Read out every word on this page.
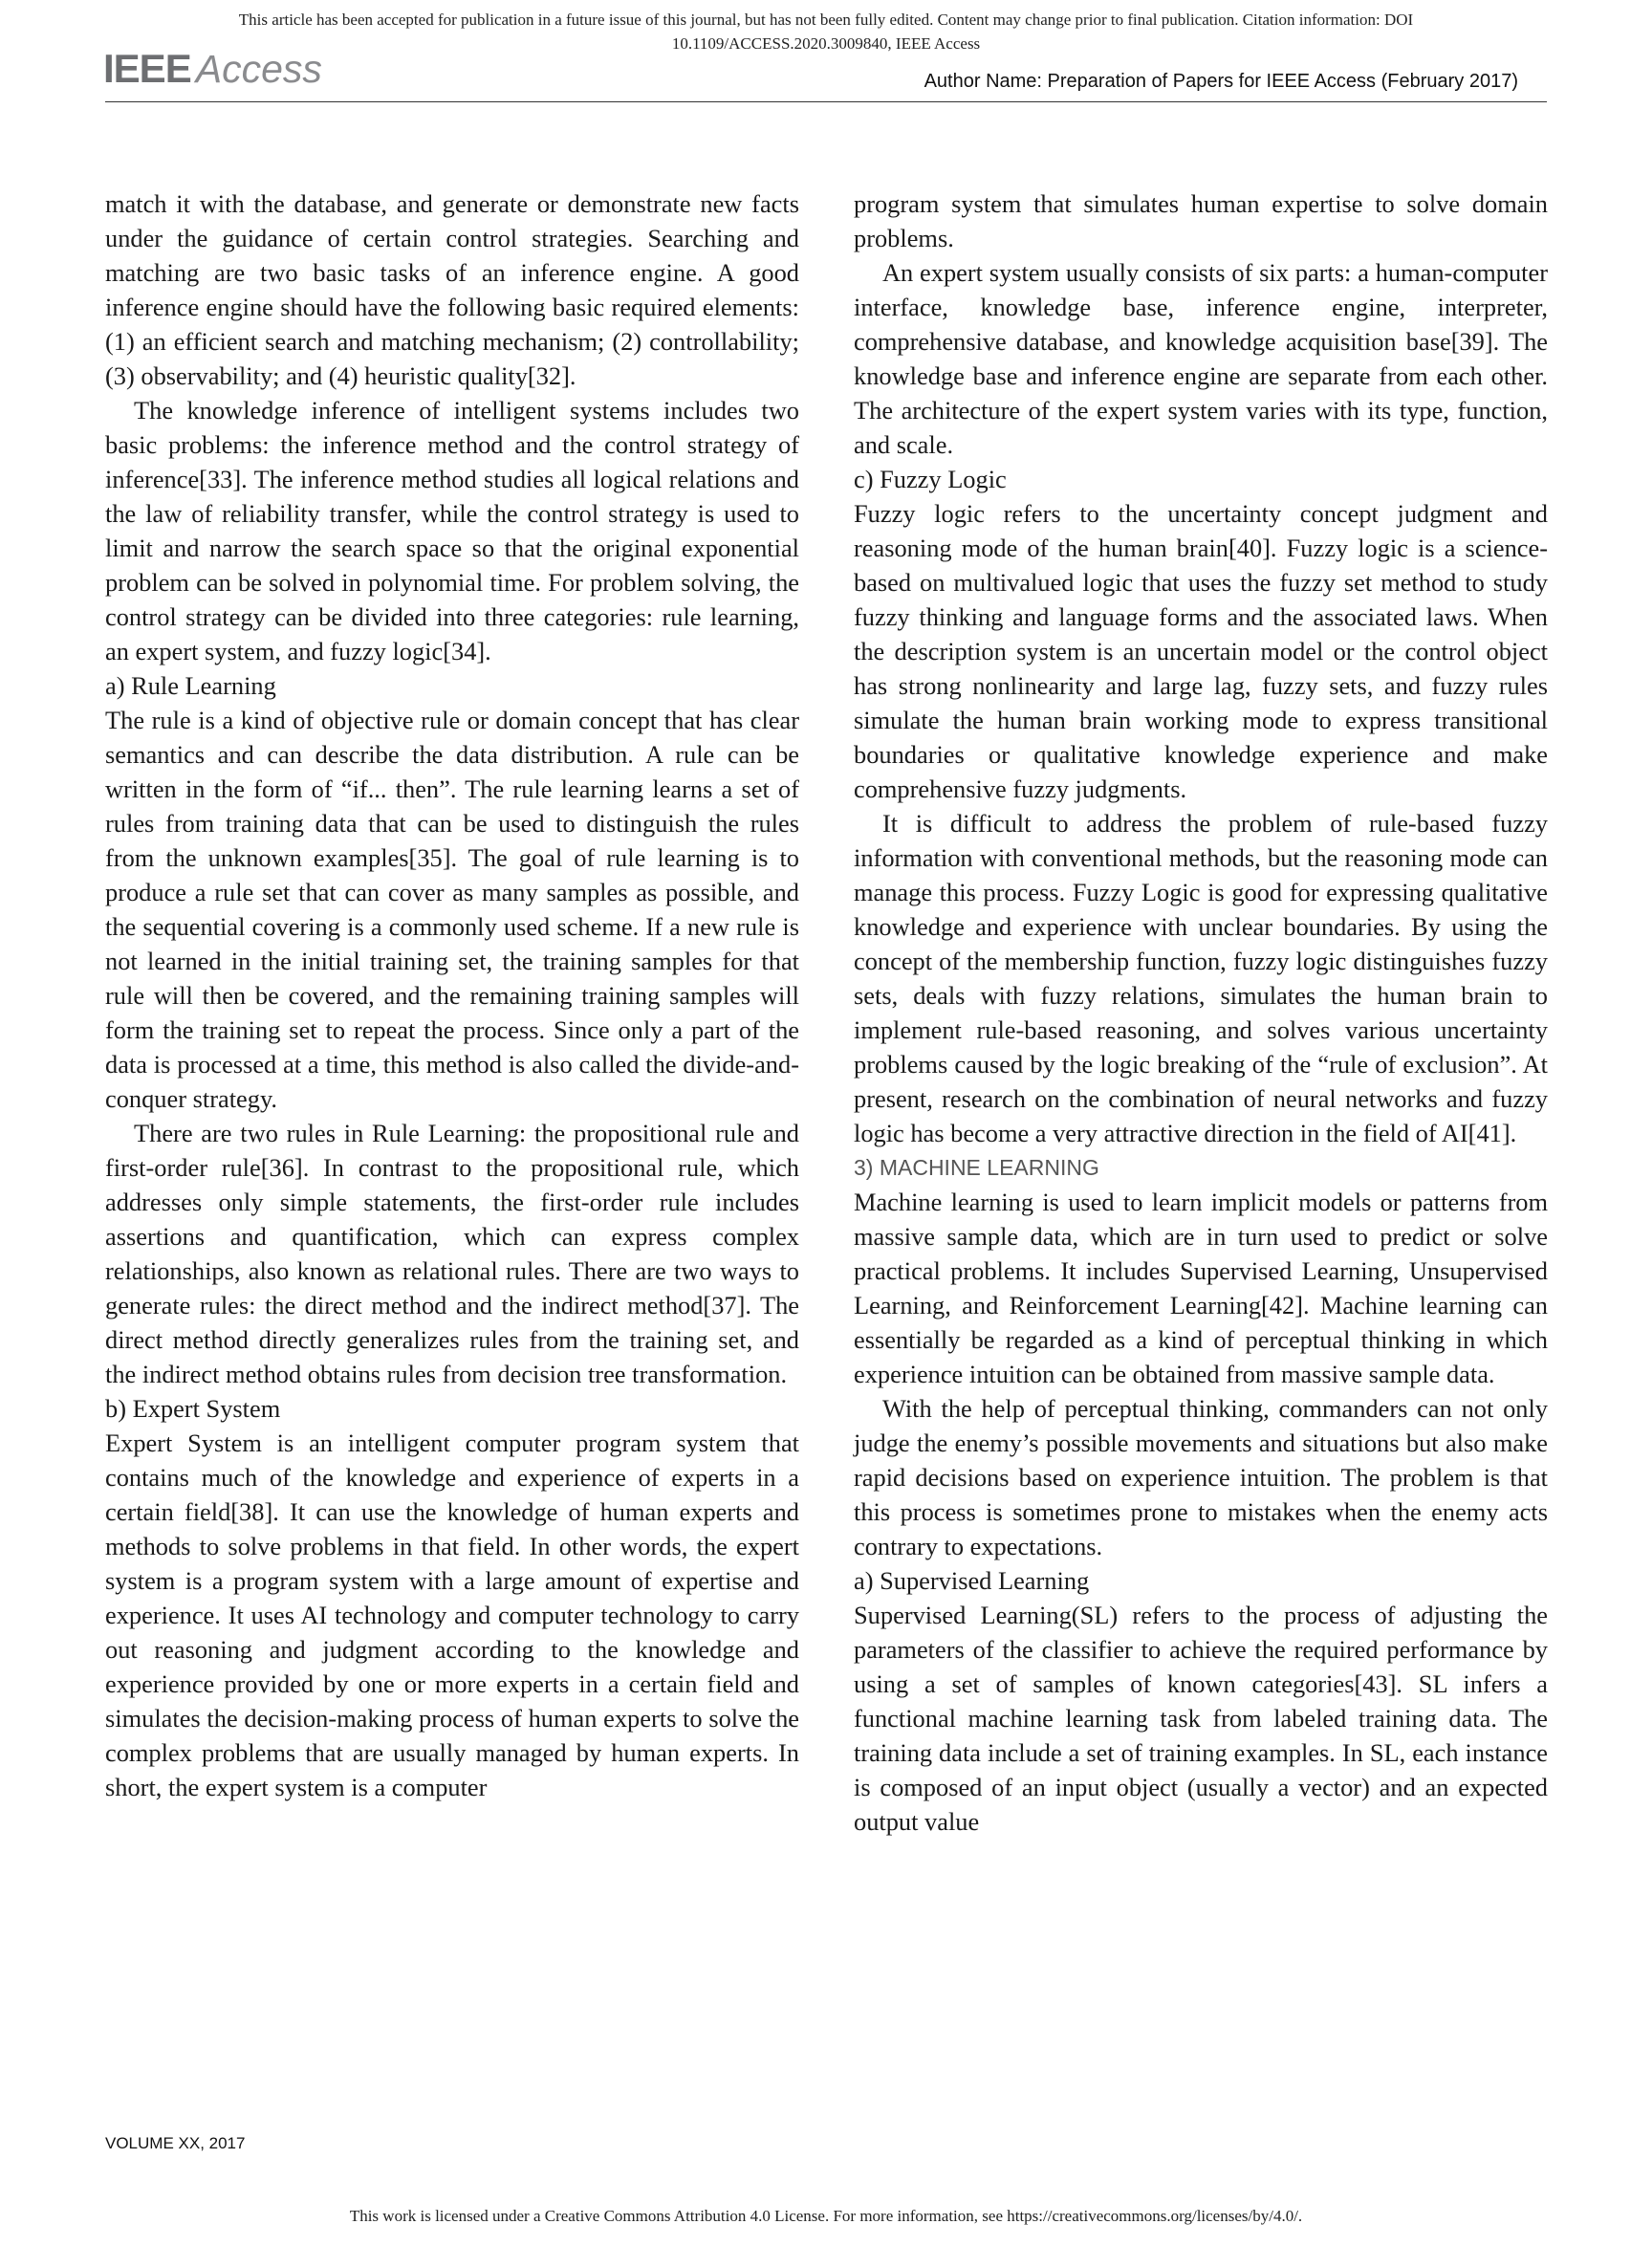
This article has been accepted for publication in a future issue of this journal, but has not been fully edited. Content may change prior to final publication. Citation information: DOI
10.1109/ACCESS.2020.3009840, IEEE Access
IEEE Access	Author Name: Preparation of Papers for IEEE Access (February 2017)

match it with the database, and generate or demonstrate new facts under the guidance of certain control strategies. Searching and matching are two basic tasks of an inference engine. A good inference engine should have the following basic required elements: (1) an efficient search and matching mechanism; (2) controllability; (3) observability; and (4) heuristic quality[32].

The knowledge inference of intelligent systems includes two basic problems: the inference method and the control strategy of inference[33]. The inference method studies all logical relations and the law of reliability transfer, while the control strategy is used to limit and narrow the search space so that the original exponential problem can be solved in polynomial time. For problem solving, the control strategy can be divided into three categories: rule learning, an expert system, and fuzzy logic[34].

a) Rule Learning

The rule is a kind of objective rule or domain concept that has clear semantics and can describe the data distribution. A rule can be written in the form of “if... then”. The rule learning learns a set of rules from training data that can be used to distinguish the rules from the unknown examples[35]. The goal of rule learning is to produce a rule set that can cover as many samples as possible, and the sequential covering is a commonly used scheme. If a new rule is not learned in the initial training set, the training samples for that rule will then be covered, and the remaining training samples will form the training set to repeat the process. Since only a part of the data is processed at a time, this method is also called the divide-and-conquer strategy.

There are two rules in Rule Learning: the propositional rule and first-order rule[36]. In contrast to the propositional rule, which addresses only simple statements, the first-order rule includes assertions and quantification, which can express complex relationships, also known as relational rules. There are two ways to generate rules: the direct method and the indirect method[37]. The direct method directly generalizes rules from the training set, and the indirect method obtains rules from decision tree transformation.

b) Expert System

Expert System is an intelligent computer program system that contains much of the knowledge and experience of experts in a certain field[38]. It can use the knowledge of human experts and methods to solve problems in that field. In other words, the expert system is a program system with a large amount of expertise and experience. It uses AI technology and computer technology to carry out reasoning and judgment according to the knowledge and experience provided by one or more experts in a certain field and simulates the decision-making process of human experts to solve the complex problems that are usually managed by human experts. In short, the expert system is a computer

program system that simulates human expertise to solve domain problems.

An expert system usually consists of six parts: a human-computer interface, knowledge base, inference engine, interpreter, comprehensive database, and knowledge acquisition base[39]. The knowledge base and inference engine are separate from each other. The architecture of the expert system varies with its type, function, and scale.

c) Fuzzy Logic

Fuzzy logic refers to the uncertainty concept judgment and reasoning mode of the human brain[40]. Fuzzy logic is a science-based on multivalued logic that uses the fuzzy set method to study fuzzy thinking and language forms and the associated laws. When the description system is an uncertain model or the control object has strong nonlinearity and large lag, fuzzy sets, and fuzzy rules simulate the human brain working mode to express transitional boundaries or qualitative knowledge experience and make comprehensive fuzzy judgments.

It is difficult to address the problem of rule-based fuzzy information with conventional methods, but the reasoning mode can manage this process. Fuzzy Logic is good for expressing qualitative knowledge and experience with unclear boundaries. By using the concept of the membership function, fuzzy logic distinguishes fuzzy sets, deals with fuzzy relations, simulates the human brain to implement rule-based reasoning, and solves various uncertainty problems caused by the logic breaking of the “rule of exclusion”. At present, research on the combination of neural networks and fuzzy logic has become a very attractive direction in the field of AI[41].

3) MACHINE LEARNING

Machine learning is used to learn implicit models or patterns from massive sample data, which are in turn used to predict or solve practical problems. It includes Supervised Learning, Unsupervised Learning, and Reinforcement Learning[42]. Machine learning can essentially be regarded as a kind of perceptual thinking in which experience intuition can be obtained from massive sample data.

With the help of perceptual thinking, commanders can not only judge the enemy’s possible movements and situations but also make rapid decisions based on experience intuition. The problem is that this process is sometimes prone to mistakes when the enemy acts contrary to expectations.

a) Supervised Learning

Supervised Learning(SL) refers to the process of adjusting the parameters of the classifier to achieve the required performance by using a set of samples of known categories[43]. SL infers a functional machine learning task from labeled training data. The training data include a set of training examples. In SL, each instance is composed of an input object (usually a vector) and an expected output value

VOLUME XX, 2017
This work is licensed under a Creative Commons Attribution 4.0 License. For more information, see https://creativecommons.org/licenses/by/4.0/.
